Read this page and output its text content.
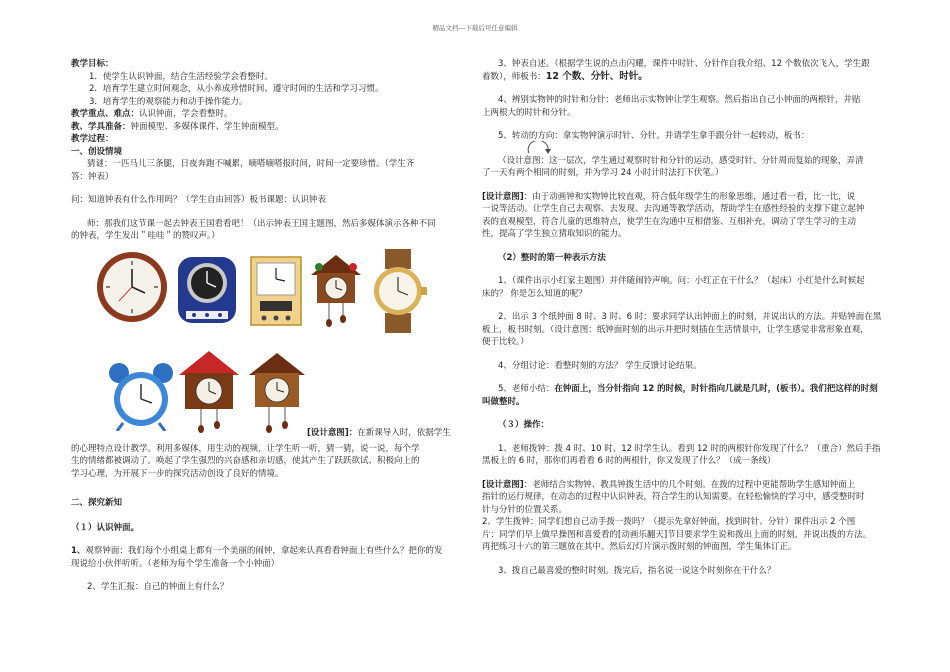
精品文档---下载后可任意编辑

教学目标：

1．使学生认识钟面，结合生活经验学会看整时。

2．培育学生建立时间观念，从小养成珍惜时间、遵守时间的生活和学习习惯。

3．培育学生的观察能力和动手操作能力。

教学重点、难点：认识钟面，学会看整时。

教、学具准备：钟面模型、多媒体课件、学生钟面模型。

教学过程：

一、创设情境

猜谜：一匹马儿三条腿，日夜奔跑不喊累，嘀嗒嘀嗒报时间，时间一定要珍惜。（学生齐

答：钟表）

问：知道钟表有什么作用吗？（学生自由回答）板书课题：认识钟表

师：那我们这节课一起去钟表王国看看吧！（出示钟表王国主题图，然后多媒体演示各种不同

的钟表，学生发出＂哇哇＂的赞叹声。）

[设计意图]：在新课导入时，依据学生

的心理特点设计教学。利用多媒体，用生动的视频，让学生听一听，猜一猜，说一说，每个学

生的情绪都被调动了。唤起了学生强烈的兴奋感和亲切感，使其产生了跃跃欲试、积极向上的

学习心理，为开展下一步的探究活动创设了良好的情境。

二、探究新知

（１）认识钟面。

1、观察钟面：我们每个小组桌上都有一个美丽的闹钟，拿起来认真看看钟面上有些什么？把你的发

现说给小伙伴听听。（老师为每个学生准备一个小钟面）

2、学生汇报：自己的钟面上有什么？

3、钟表自述。（根据学生说的点击闪耀，课件中时针、分针作自我介绍、12 个数依次飞入，学生跟

着数），师板书：12 个数、分针、时针。

4、辨别实物钟的时针和分针：老师出示实物钟让学生观察。然后指出自己小钟面的两根针，并贴

上两根大的时针和分针。

5、转动的方向：拿实物钟演示时针、分针。并请学生拿手跟分针一起转动，板书：

（设计意图：这一层次，学生通过观察时针和分针的运动，感受时针、分针周而复始的现象，弄清

了一天有两个相同的时刻，并为学习 24 小时计时法打下伏笔。）

[设计意图]：由于动画钟和实物钟比较直观，符合低年级学生的形象思维，通过看一看，比一比，说

一说等活动。让学生自己去观察、去发现、去沟通等教学活动，帮助学生在感性经验的支撑下建立起钟

表的直观模型，符合儿童的思维特点，使学生在沟通中互相借鉴、互相补充，调动了学生学习的主动

性，提高了学生独立猜取知识的能力。

（2）整时的第一种表示方法

1、（课件出示小红家主题图）并伴随闹铃声响。问：小红正在干什么？（起床）小红是什么时候起

床的？ 你是怎么知道的呢？

2、出示 3 个纸钟面 8 时、3 时、6 时：要求同学认出钟面上的时刻，并说出认的方法。并贴钟面在黑

板上，板书时刻。（设计意图：纸钟面时刻的出示并把时刻插在生活情景中，让学生感觉非常形象直观，

便于比较。）

4、分组讨论：看整时刻的方法？ 学生反馈讨论结果。

5、老师小结：在钟面上，当分针指向 12 的时候，时针指向几就是几时，(板书）。我们把这样的时刻

叫做整时。

（３）操作：

1、老师拨钟：拨 4 时、10 时、12 时学生认。看到 12 时的两根针你发现了什么？（重合）然后手指

黑板上的 6 时，那你们再看看 6 时的两根针，你又发现了什么？（成一条线）

[设计意图]：老师结合实物钟、教具钟拨生活中的几个时刻。在拨的过程中更能帮助学生感知钟面上

指针的运行规律，在动态的过程中认识钟表，符合学生的认知需要。在轻松愉快的学习中，感受整时时

针与分针的位置关系。

2、学生拨钟：同学们想自己动手拨一拨吗？（提示先拿好钟面，找到时针、分针）课件出示 2 个图

片：同学们早上做早操图和喜爱看的[动画乐翻天]节目要求学生说和拨出上面的时刻，并说出拨的方法。

再把练习十六的第三题放在其中。然后幻灯片演示拨时刻的钟面图，学生集体订正。

3、拨自己最喜爱的整时时刻。拨完后，指名说一说这个时刻你在干什么？
